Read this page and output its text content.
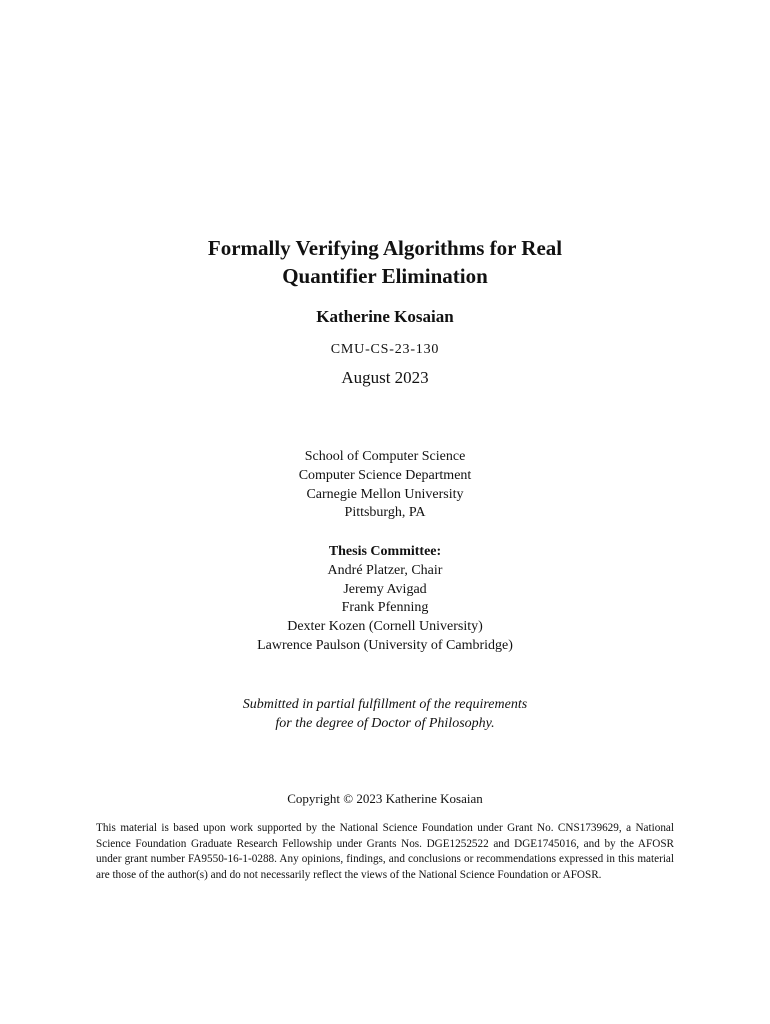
Formally Verifying Algorithms for Real
Quantifier Elimination
Katherine Kosaian
CMU-CS-23-130
August 2023
School of Computer Science
Computer Science Department
Carnegie Mellon University
Pittsburgh, PA
Thesis Committee:
André Platzer, Chair
Jeremy Avigad
Frank Pfenning
Dexter Kozen (Cornell University)
Lawrence Paulson (University of Cambridge)
Submitted in partial fulfillment of the requirements
for the degree of Doctor of Philosophy.
Copyright © 2023 Katherine Kosaian
This material is based upon work supported by the National Science Foundation under Grant No. CNS1739629, a National Science Foundation Graduate Research Fellowship under Grants Nos. DGE1252522 and DGE1745016, and by the AFOSR under grant number FA9550-16-1-0288. Any opinions, findings, and conclusions or recommendations expressed in this material are those of the author(s) and do not necessarily reflect the views of the National Science Foundation or AFOSR.
